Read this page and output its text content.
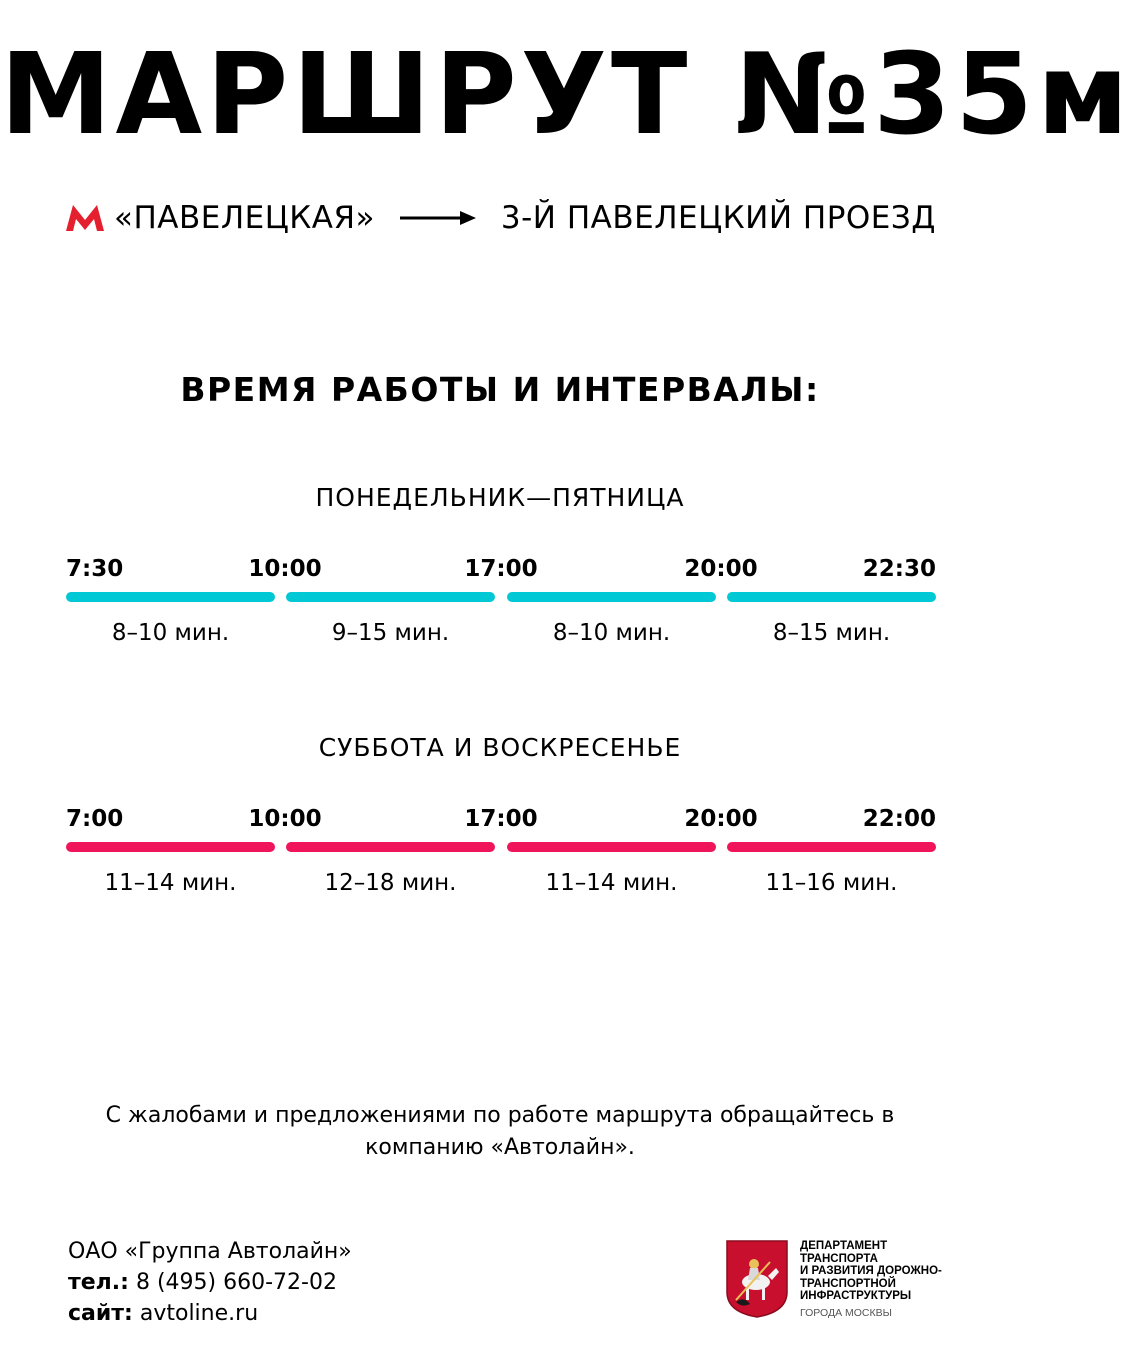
МАРШРУТ №35м
«ПАВЕЛЕЦКАЯ»	3-Й ПАВЕЛЕЦКИЙ ПРОЕЗД
ВРЕМЯ РАБОТЫ И ИНТЕРВАЛЫ:
ПОНЕДЕЛЬНИК—ПЯТНИЦА
7:30	10:00	17:00	20:00	22:30
8–10 мин.	9–15 мин.	8–10 мин.	8–15 мин.
СУББОТА И ВОСКРЕСЕНЬЕ
7:00	10:00	17:00	20:00	22:00
11–14 мин.	12–18 мин.	11–14 мин.	11–16 мин.
С жалобами и предложениями по работе маршрута обращайтесь в
компанию «Автолайн».
ОАО «Группа Автолайн»
тел.: 8 (495) 660-72-02
сайт: avtoline.ru
ДЕПАРТАМЕНТ ТРАНСПОРТА
И РАЗВИТИЯ ДОРОЖНО-
ТРАНСПОРТНОЙ
ИНФРАСТРУКТУРЫ
ГОРОДА МОСКВЫ
